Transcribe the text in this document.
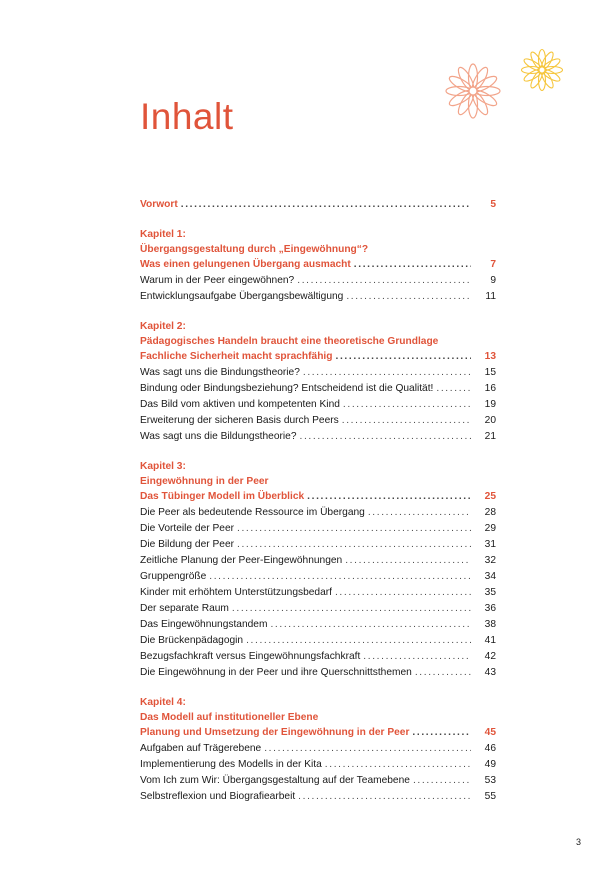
Inhalt
Vorwort . . .	5
Kapitel 1:
Übergangsgestaltung durch „Eingewöhnung“?
Was einen gelungenen Übergang ausmacht . . .	7
Warum in der Peer eingewöhnen? . . .	9
Entwicklungsaufgabe Übergangsbewältigung . . .	11
Kapitel 2:
Pädagogisches Handeln braucht eine theoretische Grundlage
Fachliche Sicherheit macht sprachfähig . . .	13
Was sagt uns die Bindungstheorie? . . .	15
Bindung oder Bindungsbeziehung? Entscheidend ist die Qualität! . . .	16
Das Bild vom aktiven und kompetenten Kind . . .	19
Erweiterung der sicheren Basis durch Peers . . .	20
Was sagt uns die Bildungstheorie? . . .	21
Kapitel 3:
Eingewöhnung in der Peer
Das Tübinger Modell im Überblick . . .	25
Die Peer als bedeutende Ressource im Übergang . . .	28
Die Vorteile der Peer . . .	29
Die Bildung der Peer . . .	31
Zeitliche Planung der Peer-Eingewöhnungen . . .	32
Gruppengröße . . .	34
Kinder mit erhöhtem Unterstützungsbedarf . . .	35
Der separate Raum . . .	36
Das Eingewöhnungstandem . . .	38
Die Brückenpädagogin . . .	41
Bezugsfachkraft versus Eingewöhnungsfachkraft . . .	42
Die Eingewöhnung in der Peer und ihre Querschnittsthemen . . .	43
Kapitel 4:
Das Modell auf institutioneller Ebene
Planung und Umsetzung der Eingewöhnung in der Peer . . .	45
Aufgaben auf Trägerebene . . .	46
Implementierung des Modells in der Kita . . .	49
Vom Ich zum Wir: Übergangsgestaltung auf der Teamebene . . .	53
Selbstreflexion und Biografiearbeit . . .	55
3
